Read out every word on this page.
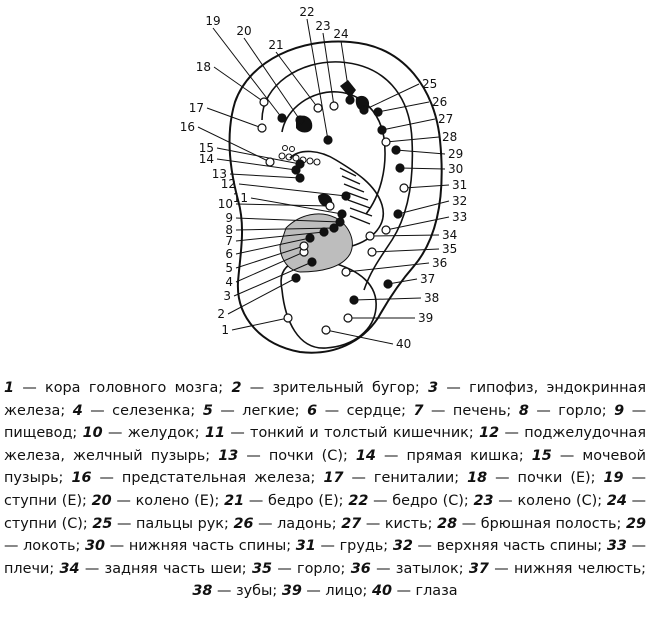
1
2
3
4
5
6
7
8
9
10 11
12
13
14
15
16
17
18
19
20
21
22
23
24
25
26
27
28
29
30
31
32
33
34
35
36
37
38
39
40
1 — кора головного мозга; 2 — зрительный бугор; 3 — гипофиз, эндокринная железа; 4 — селезенка; 5 — легкие; 6 — сердце; 7 — печень; 8 — горло; 9 — пищевод; 10 — желудок; 11 — тонкий и толстый кишечник; 12 — поджелудочная железа, желчный пузырь; 13 — почки (С); 14 — прямая кишка; 15 — мочевой пузырь; 16 — предстательная железа; 17 — гениталии; 18 — почки (Е); 19 — ступни (Е); 20 — колено (Е); 21 — бедро (Е); 22 — бедро (С); 23 — колено (С); 24 — ступни (С); 25 — пальцы рук; 26 — ладонь; 27 — кисть; 28 — брюшная полость; 29 — локоть; 30 — нижняя часть спины; 31 — грудь; 32 — верхняя часть спины; 33 — плечи; 34 — задняя часть шеи; 35 — горло; 36 — затылок; 37 — нижняя челюсть; 38 — зубы; 39 — лицо; 40 — глаза
